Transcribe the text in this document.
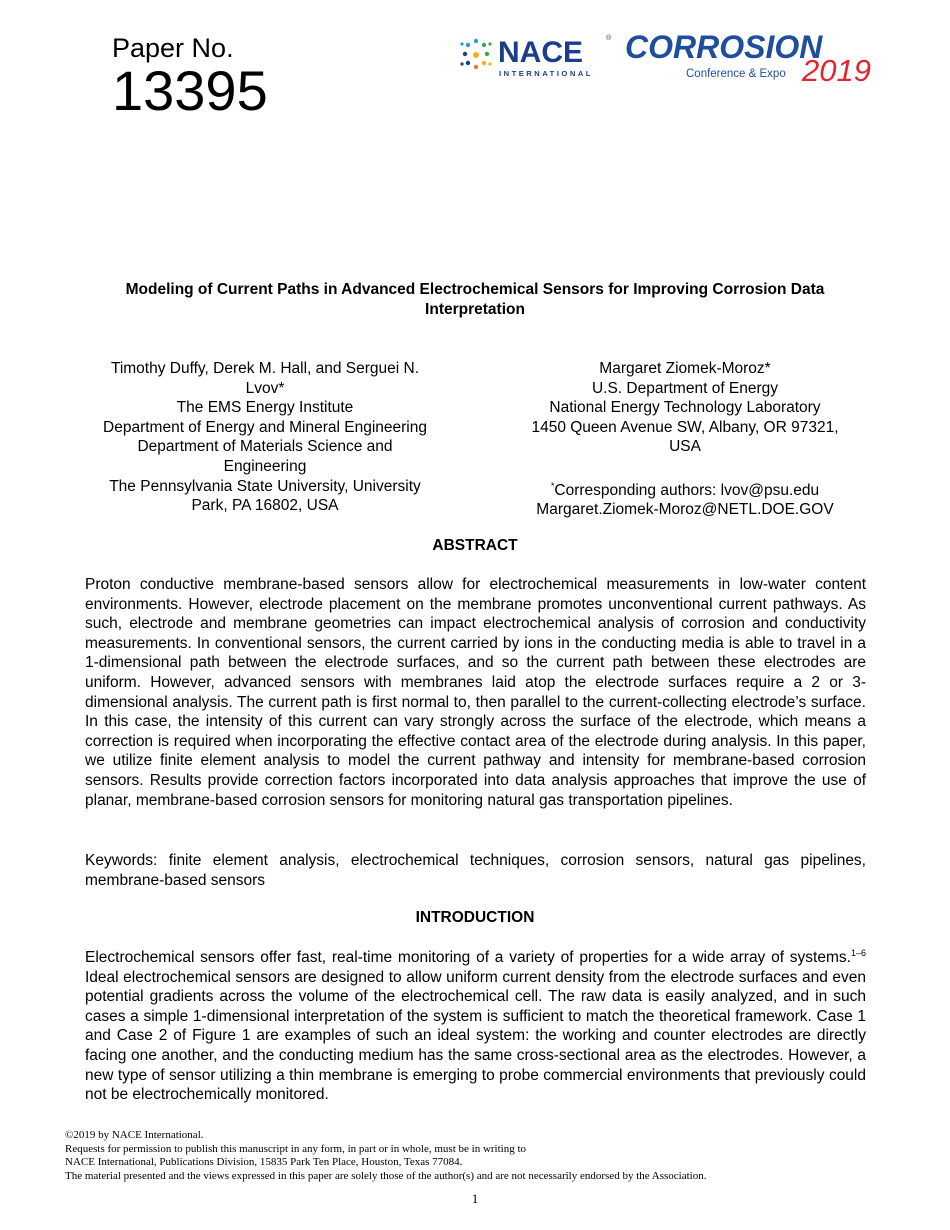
Paper No.
13395
NACE	®
INTERNATIONAL
CORROSION
Conference & Expo 2019
Modeling of Current Paths in Advanced Electrochemical Sensors for Improving Corrosion Data
Interpretation
Timothy Duffy, Derek M. Hall, and Serguei N.
Lvov*
The EMS Energy Institute
Department of Energy and Mineral Engineering
Department of Materials Science and
Engineering
The Pennsylvania State University, University
Park, PA 16802, USA
Margaret Ziomek-Moroz*
U.S. Department of Energy
National Energy Technology Laboratory
1450 Queen Avenue SW, Albany, OR 97321,
USA
*Corresponding authors: lvov@psu.edu
Margaret.Ziomek-Moroz@NETL.DOE.GOV
ABSTRACT
Proton conductive membrane-based sensors allow for electrochemical measurements in low-water content environments. However, electrode placement on the membrane promotes unconventional current pathways. As such, electrode and membrane geometries can impact electrochemical analysis of corrosion and conductivity measurements. In conventional sensors, the current carried by ions in the conducting media is able to travel in a 1-dimensional path between the electrode surfaces, and so the current path between these electrodes are uniform. However, advanced sensors with membranes laid atop the electrode surfaces require a 2 or 3-dimensional analysis. The current path is first normal to, then parallel to the current-collecting electrode’s surface. In this case, the intensity of this current can vary strongly across the surface of the electrode, which means a correction is required when incorporating the effective contact area of the electrode during analysis. In this paper, we utilize finite element analysis to model the current pathway and intensity for membrane-based corrosion sensors. Results provide correction factors incorporated into data analysis approaches that improve the use of planar, membrane-based corrosion sensors for monitoring natural gas transportation pipelines.
Keywords: finite element analysis, electrochemical techniques, corrosion sensors, natural gas pipelines, membrane-based sensors
INTRODUCTION
Electrochemical sensors offer fast, real-time monitoring of a variety of properties for a wide array of systems.$^{1-6}$ Ideal electrochemical sensors are designed to allow uniform current density from the electrode surfaces and even potential gradients across the volume of the electrochemical cell. The raw data is easily analyzed, and in such cases a simple 1-dimensional interpretation of the system is sufficient to match the theoretical framework. Case 1 and Case 2 of Figure 1 are examples of such an ideal system: the working and counter electrodes are directly facing one another, and the conducting medium has the same cross-sectional area as the electrodes. However, a new type of sensor utilizing a thin membrane is emerging to probe commercial environments that previously could not be electrochemically monitored.
©2019 by NACE International.
Requests for permission to publish this manuscript in any form, in part or in whole, must be in writing to
NACE International, Publications Division, 15835 Park Ten Place, Houston, Texas 77084.
The material presented and the views expressed in this paper are solely those of the author(s) and are not necessarily endorsed by the Association.
1
